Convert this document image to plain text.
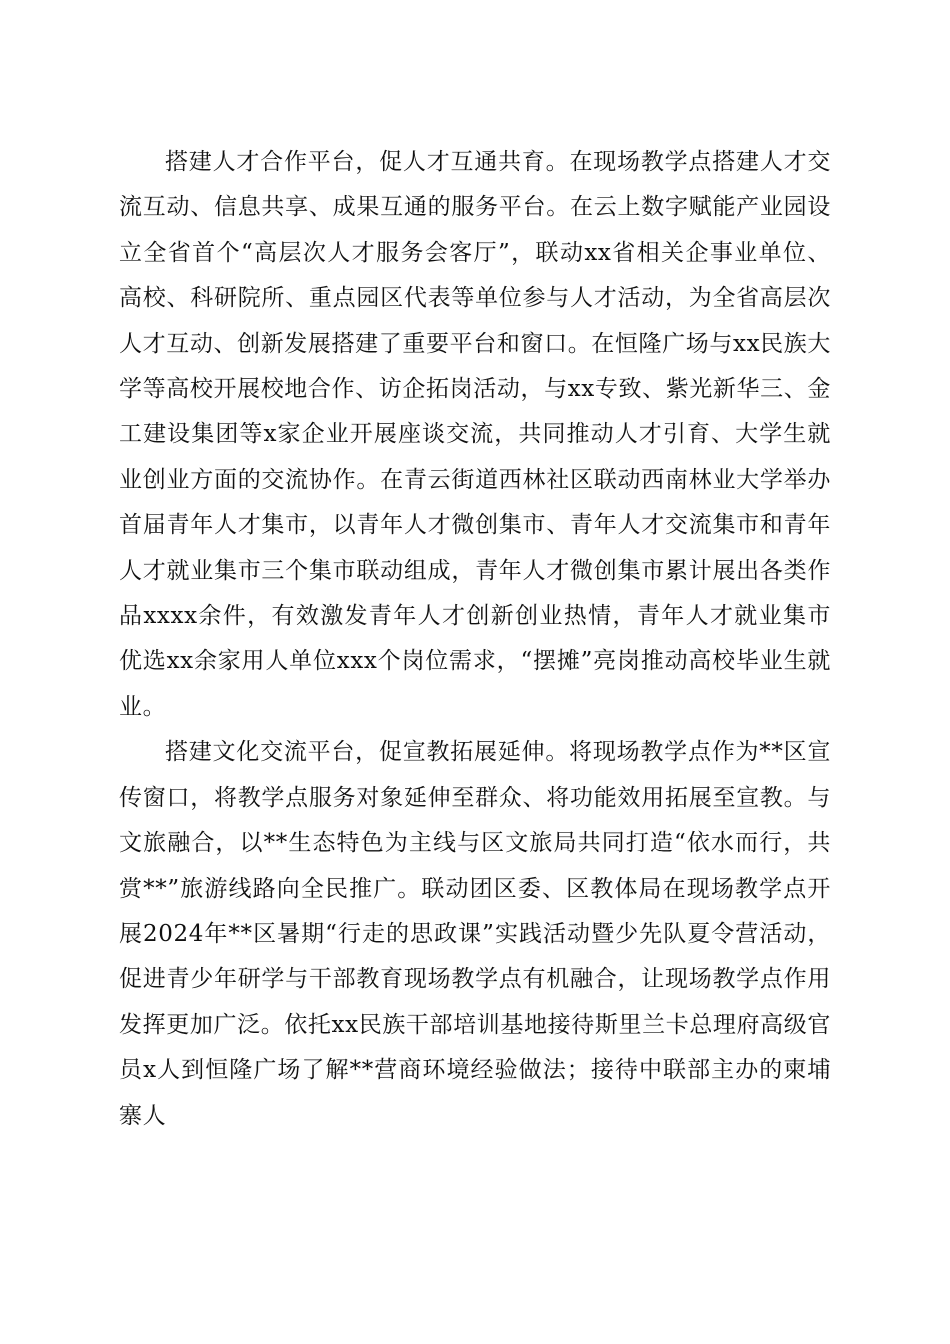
搭建人才合作平台，促人才互通共育。在现场教学点搭建人才交流互动、信息共享、成果互通的服务平台。在云上数字赋能产业园设立全省首个“高层次人才服务会客厅”，联动xx省相关企事业单位、高校、科研院所、重点园区代表等单位参与人才活动，为全省高层次人才互动、创新发展搭建了重要平台和窗口。在恒隆广场与xx民族大学等高校开展校地合作、访企拓岗活动，与xx专致、紫光新华三、金工建设集团等x家企业开展座谈交流，共同推动人才引育、大学生就业创业方面的交流协作。在青云街道西林社区联动西南林业大学举办首届青年人才集市，以青年人才微创集市、青年人才交流集市和青年人才就业集市三个集市联动组成，青年人才微创集市累计展出各类作品xxxx余件，有效激发青年人才创新创业热情，青年人才就业集市优选xx余家用人单位xxx个岗位需求，“摆摊”亮岗推动高校毕业生就业。

搭建文化交流平台，促宣教拓展延伸。将现场教学点作为**区宣传窗口，将教学点服务对象延伸至群众、将功能效用拓展至宣教。与文旅融合，以**生态特色为主线与区文旅局共同打造“依水而行，共赏**”旅游线路向全民推广。联动团区委、区教体局在现场教学点开展2024年**区暑期“行走的思政课”实践活动暨少先队夏令营活动，促进青少年研学与干部教育现场教学点有机融合，让现场教学点作用发挥更加广泛。依托xx民族干部培训基地接待斯里兰卡总理府高级官员x人到恒隆广场了解**营商环境经验做法；接待中联部主办的柬埔寨人
